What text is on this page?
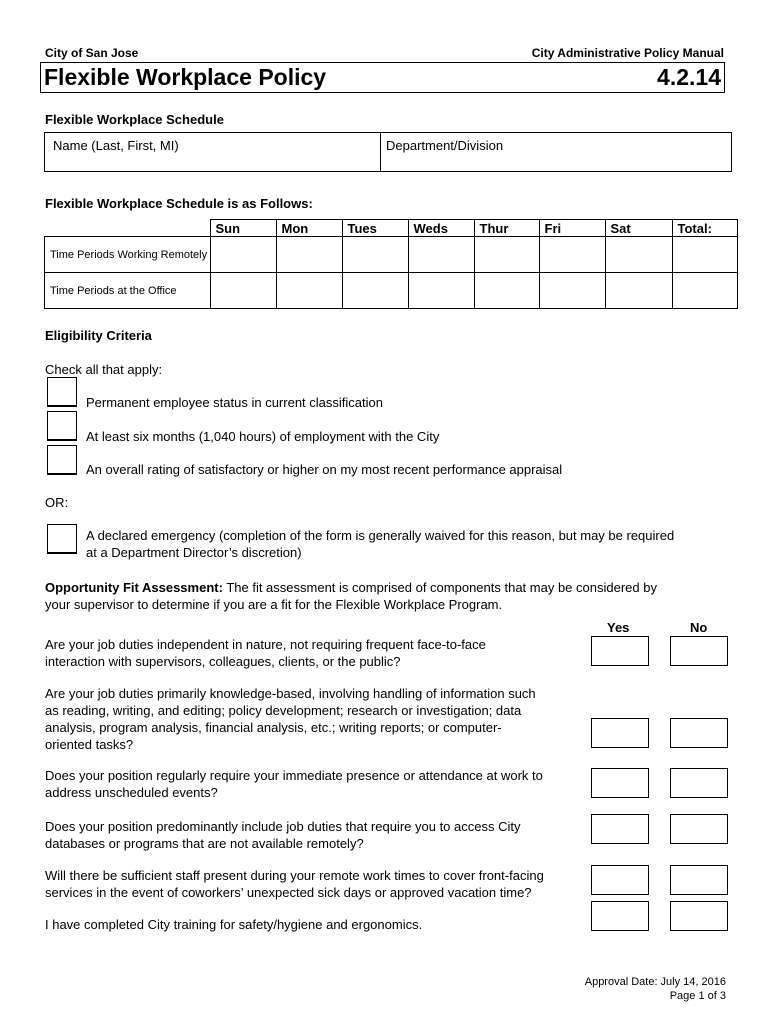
City of San Jose	City Administrative Policy Manual
Flexible Workplace Policy	4.2.14
Flexible Workplace Schedule
Name (Last, First, MI)	Department/Division
Flexible Workplace Schedule is as Follows:
	Sun	Mon	Tues	Weds	Thur	Fri	Sat	Total:
Time Periods Working Remotely								
Time Periods at the Office								
Eligibility Criteria
Check all that apply:
Permanent employee status in current classification
At least six months (1,040 hours) of employment with the City
An overall rating of satisfactory or higher on my most recent performance appraisal
OR:
A declared emergency (completion of the form is generally waived for this reason, but may be required
at a Department Director’s discretion)
Opportunity Fit Assessment: The fit assessment is comprised of components that may be considered by
your supervisor to determine if you are a fit for the Flexible Workplace Program.
Yes	No
Are your job duties independent in nature, not requiring frequent face-to-face
interaction with supervisors, colleagues, clients, or the public?
Are your job duties primarily knowledge-based, involving handling of information such
as reading, writing, and editing; policy development; research or investigation; data
analysis, program analysis, financial analysis, etc.; writing reports; or computer-
oriented tasks?
Does your position regularly require your immediate presence or attendance at work to
address unscheduled events?
Does your position predominantly include job duties that require you to access City
databases or programs that are not available remotely?
Will there be sufficient staff present during your remote work times to cover front-facing
services in the event of coworkers’ unexpected sick days or approved vacation time?
I have completed City training for safety/hygiene and ergonomics.
Approval Date: July 14, 2016
Page 1 of 3
